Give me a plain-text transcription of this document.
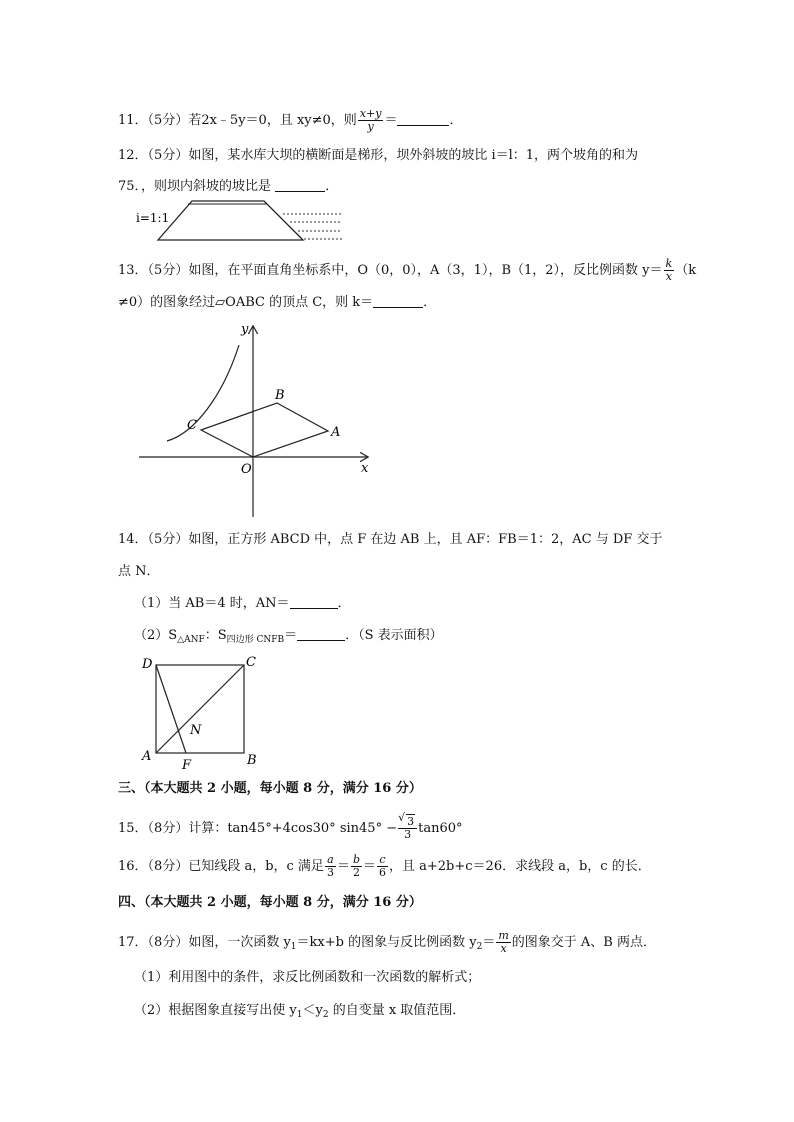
11．（5分）若2x﹣5y＝0，且 xy≠0，则 $\frac{x+y}{y}$ ＝	．
12．（5分）如图，某水库大坝的横断面是梯形，坝外斜坡的坡比 i＝l：1，两个坡角的和为
75．，则坝内斜坡的坡比是	．
i=1:1
13．（5分）如图，在平面直角坐标系中，O（0，0），A（3，1），B（1，2），反比例函数 $y= \frac{k}{x} (k$
≠0）的图象经过▱OABC 的顶点 C，则 k＝	．
y
x
B
C	A
O
14．（5分）如图，正方形 ABCD 中，点 F 在边 AB 上，且 AF：FB＝1：2，AC 与 DF 交于
点 N．
（1）当 AB＝4 时，AN＝	．
$(2)S_{\triangle ANF}$：$S_{四边形 CNFB}=$	．（S 表示面积）
D	C
N
A
F	B
三、（本大题共 2 小题，每小题 8 分，满分 16 分）
15．（8分）计算：tan45°+4cos30° sin45° −
√ $\frac{3}{3} \tan 60^\circ$
16．（8分）已知线段 a，b，c 满足 $\frac{a}{3} = \frac{b}{2} = \frac{c}{6}$ ，且 a+2b+c＝26．求线段 a，b，c 的长．
四、（本大题共 2 小题，每小题 8 分，满分 16 分）
17．（8分）如图，一次函数 $y_1=kx+b$ 的图象与反比例函数 $y_2= \frac{m}{x}$ 的图象交于 A、B 两点．
（1）利用图中的条件，求反比例函数和一次函数的解析式；
（2）根据图象直接写出使 $y_1<y_2$ 的自变量 x 取值范围．
